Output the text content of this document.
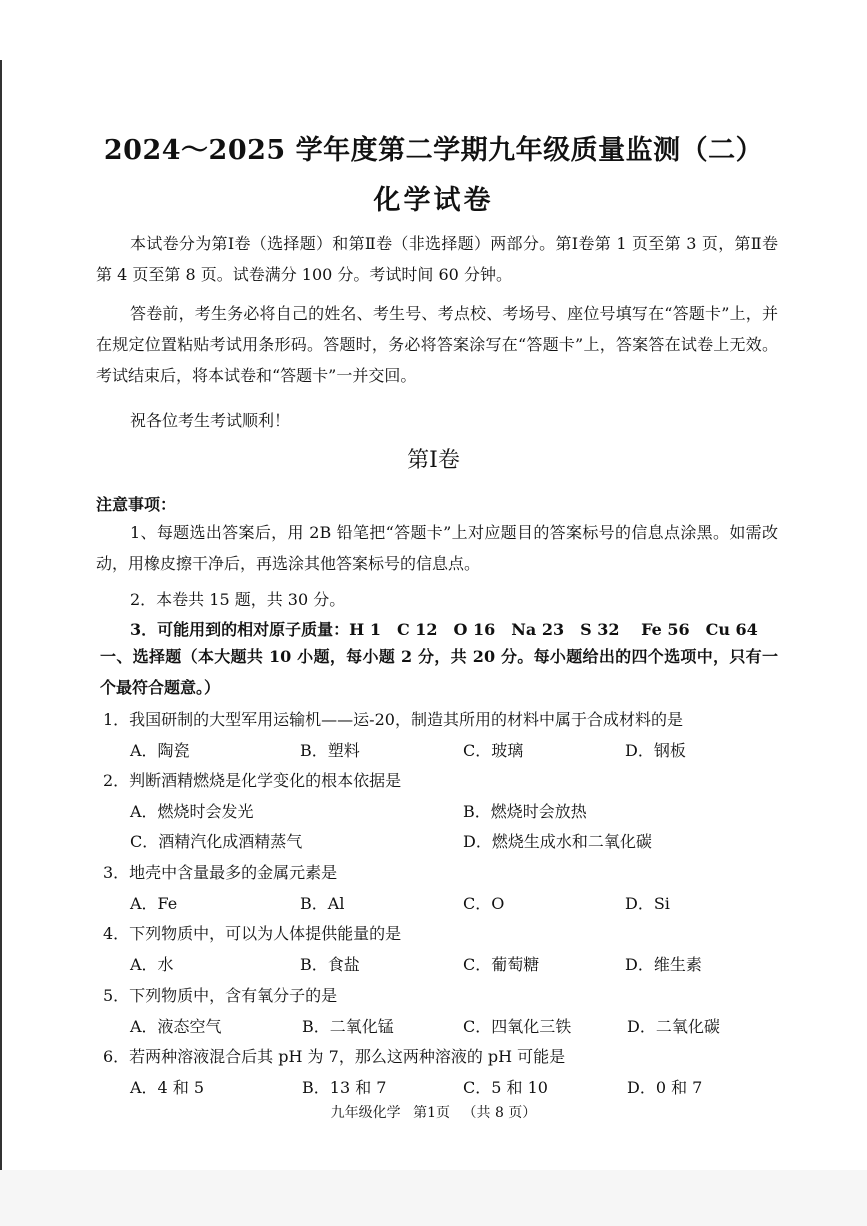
2024～2025 学年度第二学期九年级质量监测（二）
化学试卷
本试卷分为第Ⅰ卷（选择题）和第Ⅱ卷（非选择题）两部分。第Ⅰ卷第 1 页至第 3 页，第Ⅱ卷第 4 页至第 8 页。试卷满分 100 分。考试时间 60 分钟。
答卷前，考生务必将自己的姓名、考生号、考点校、考场号、座位号填写在“答题卡”上，并在规定位置粘贴考试用条形码。答题时，务必将答案涂写在“答题卡”上，答案答在试卷上无效。考试结束后，将本试卷和“答题卡”一并交回。
祝各位考生考试顺利！
第Ⅰ卷
注意事项：
1、每题选出答案后，用 2B 铅笔把“答题卡”上对应题目的答案标号的信息点涂黑。如需改动，用橡皮擦干净后，再选涂其他答案标号的信息点。
2．本卷共 15 题，共 30 分。
3．可能用到的相对原子质量：H 1　C 12　O 16　Na 23　S 32　 Fe 56　Cu 64
一、选择题（本大题共 10 小题，每小题 2 分，共 20 分。每小题给出的四个选项中，只有一个最符合题意。）
1．我国研制的大型军用运输机——运-20，制造其所用的材料中属于合成材料的是
A．陶瓷	B．塑料	C．玻璃	D．钢板
2．判断酒精燃烧是化学变化的根本依据是
A．燃烧时会发光	B．燃烧时会放热
C．酒精汽化成酒精蒸气	D．燃烧生成水和二氧化碳
3．地壳中含量最多的金属元素是
A．Fe	B．Al	C．O	D．Si
4．下列物质中，可以为人体提供能量的是
A．水	B．食盐	C．葡萄糖	D．维生素
5．下列物质中，含有氧分子的是
A．液态空气	B．二氧化锰	C．四氧化三铁	D．二氧化碳
6．若两种溶液混合后其 pH 为 7，那么这两种溶液的 pH 可能是
A．4 和 5	B．13 和 7	C．5 和 10	D．0 和 7
九年级化学 第1页 （共 8 页）
